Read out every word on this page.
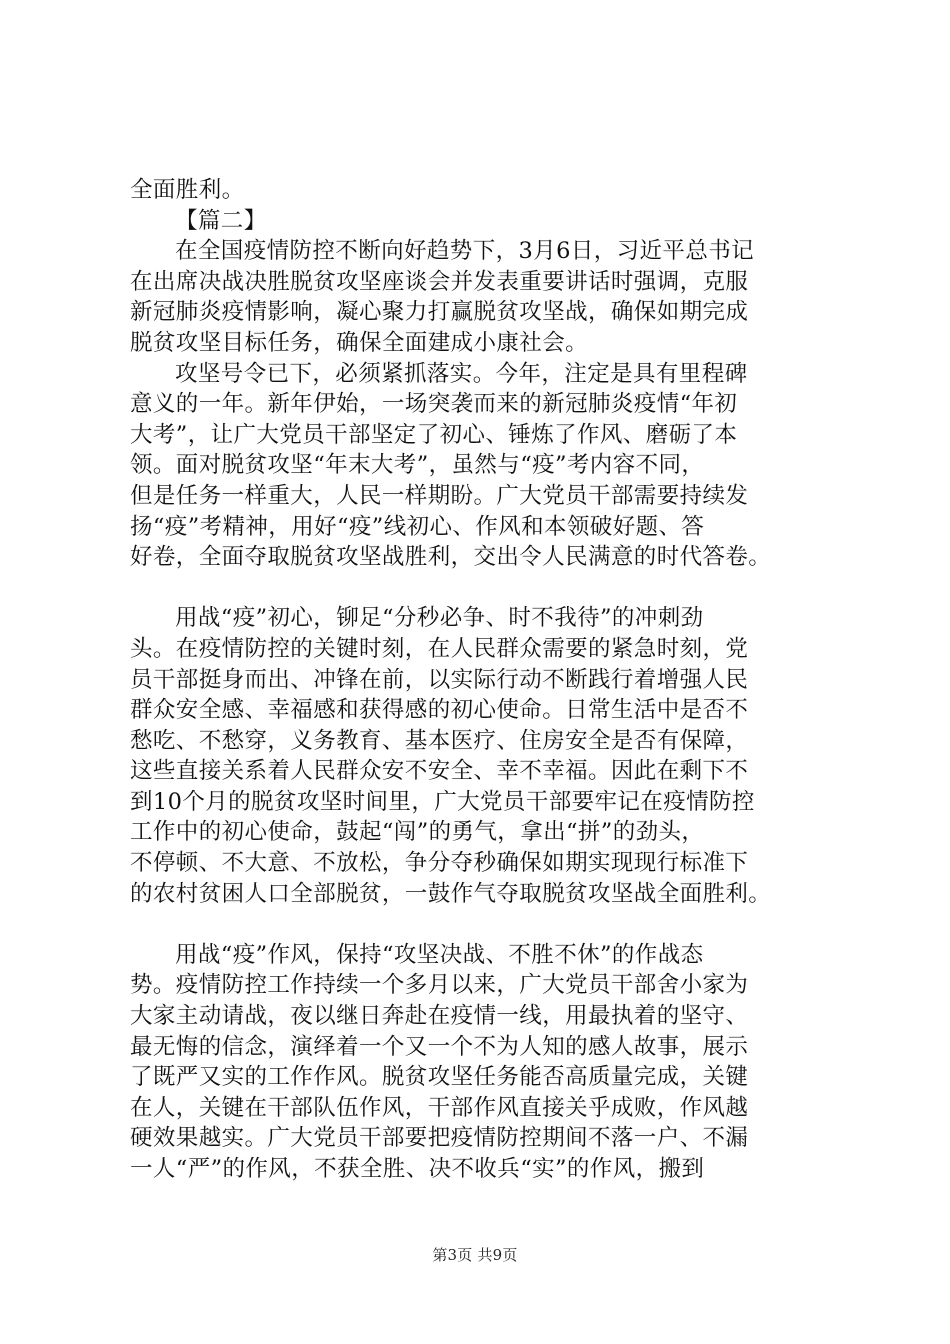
全面胜利。
【篇二】
在全国疫情防控不断向好趋势下，3月6日，习近平总书记
在出席决战决胜脱贫攻坚座谈会并发表重要讲话时强调，克服
新冠肺炎疫情影响，凝心聚力打赢脱贫攻坚战，确保如期完成
脱贫攻坚目标任务，确保全面建成小康社会。
攻坚号令已下，必须紧抓落实。今年，注定是具有里程碑
意义的一年。新年伊始，一场突袭而来的新冠肺炎疫情“年初
大考”，让广大党员干部坚定了初心、锤炼了作风、磨砺了本
领。面对脱贫攻坚“年末大考”，虽然与“疫”考内容不同，
但是任务一样重大，人民一样期盼。广大党员干部需要持续发
扬“疫”考精神，用好“疫”线初心、作风和本领破好题、答
好卷，全面夺取脱贫攻坚战胜利，交出令人民满意的时代答卷。
用战“疫”初心，铆足“分秒必争、时不我待”的冲刺劲
头。在疫情防控的关键时刻，在人民群众需要的紧急时刻，党
员干部挺身而出、冲锋在前，以实际行动不断践行着增强人民
群众安全感、幸福感和获得感的初心使命。日常生活中是否不
愁吃、不愁穿，义务教育、基本医疗、住房安全是否有保障，
这些直接关系着人民群众安不安全、幸不幸福。因此在剩下不
到10个月的脱贫攻坚时间里，广大党员干部要牢记在疫情防控
工作中的初心使命，鼓起“闯”的勇气，拿出“拼”的劲头，
不停顿、不大意、不放松，争分夺秒确保如期实现现行标准下
的农村贫困人口全部脱贫，一鼓作气夺取脱贫攻坚战全面胜利。
用战“疫”作风，保持“攻坚决战、不胜不休”的作战态
势。疫情防控工作持续一个多月以来，广大党员干部舍小家为
大家主动请战，夜以继日奔赴在疫情一线，用最执着的坚守、
最无悔的信念，演绎着一个又一个不为人知的感人故事，展示
了既严又实的工作作风。脱贫攻坚任务能否高质量完成，关键
在人，关键在干部队伍作风，干部作风直接关乎成败，作风越
硬效果越实。广大党员干部要把疫情防控期间不落一户、不漏
一人“严”的作风，不获全胜、决不收兵“实”的作风，搬到
第3页 共9页
